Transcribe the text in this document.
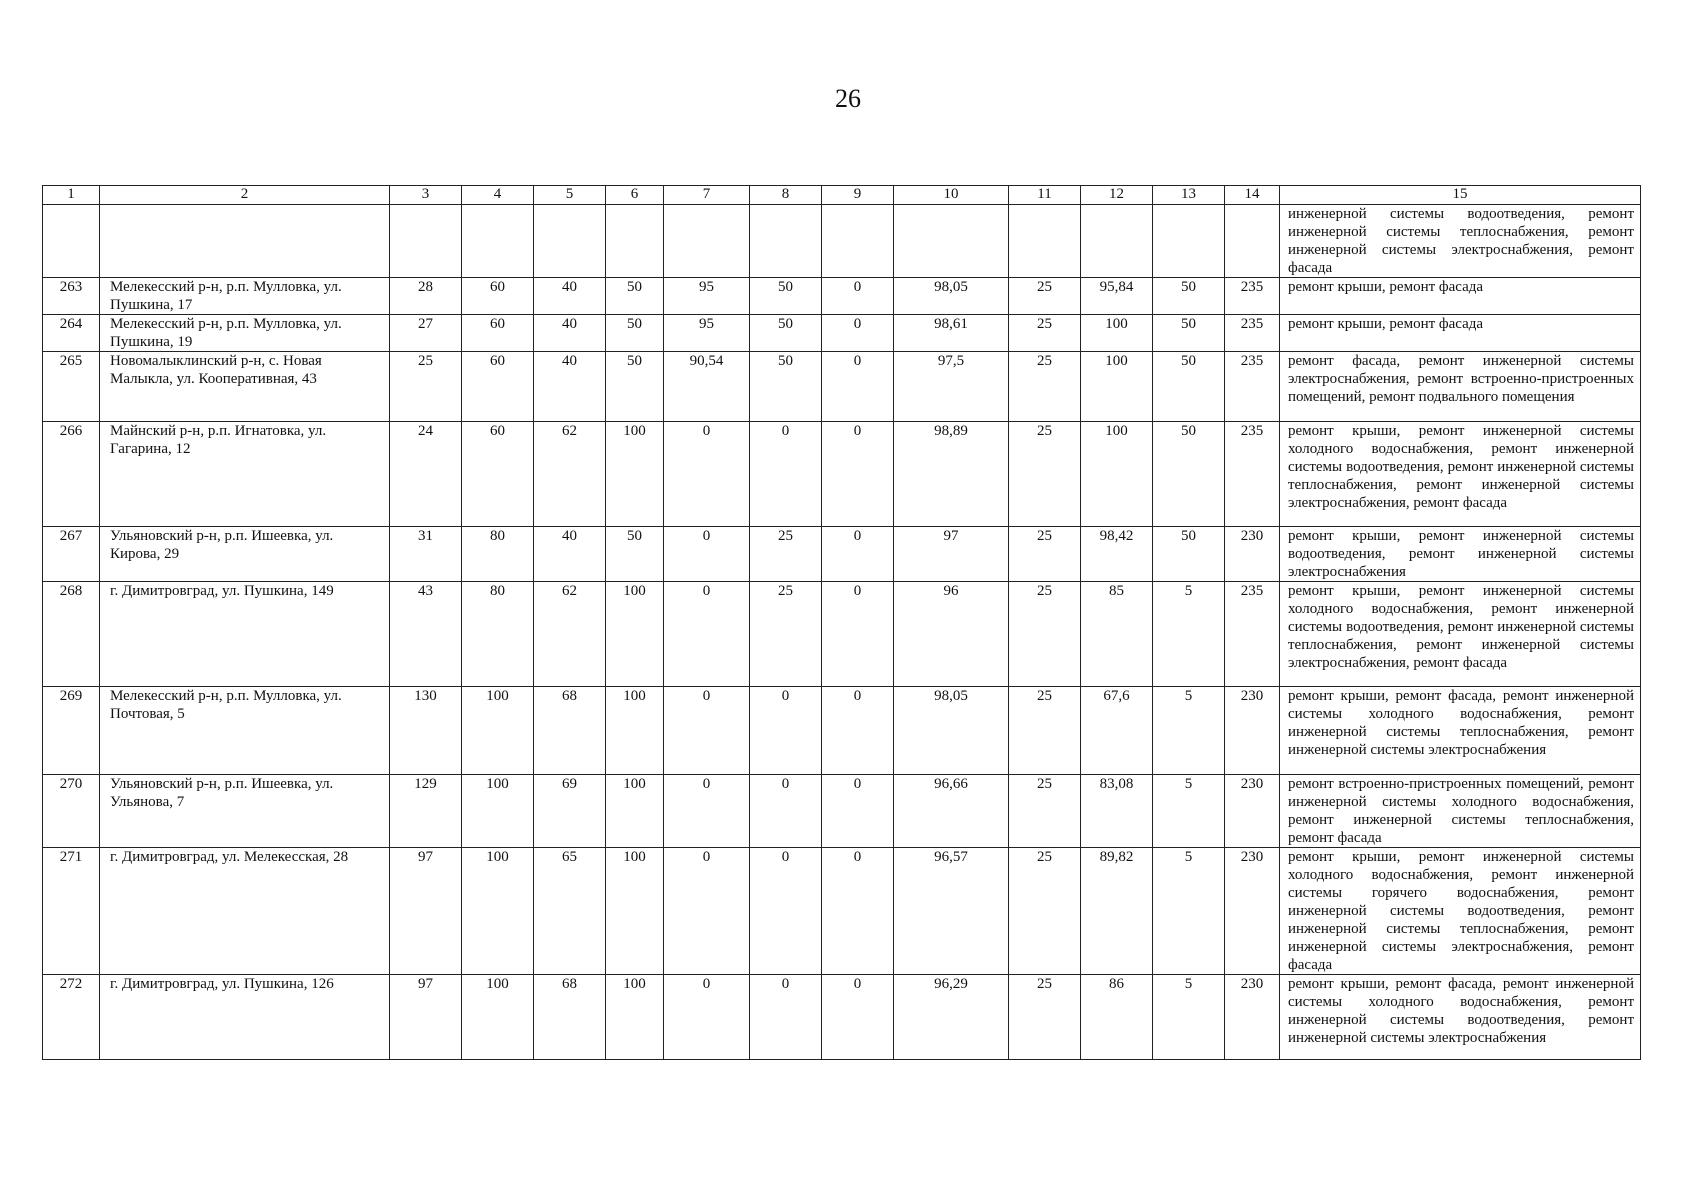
26
1	2	3	4	5	6	7	8	9	10	11	12	13	14	15
														инженерной системы водоотведения, ремонт инженерной системы теплоснабжения, ремонт инженерной системы электроснабжения, ремонт фасада
263	Мелекесский р-н, р.п. Мулловка, ул. Пушкина, 17	28	60	40	50	95	50	0	98,05	25	95,84	50	235	ремонт крыши, ремонт фасада
264	Мелекесский р-н, р.п. Мулловка, ул. Пушкина, 19	27	60	40	50	95	50	0	98,61	25	100	50	235	ремонт крыши, ремонт фасада
265	Новомалыклинский р-н, с. Новая Малыкла, ул. Кооперативная, 43	25	60	40	50	90,54	50	0	97,5	25	100	50	235	ремонт фасада, ремонт инженерной системы электроснабжения, ремонт встроенно-пристроенных помещений, ремонт подвального помещения
266	Майнский р-н, р.п. Игнатовка, ул. Гагарина, 12	24	60	62	100	0	0	0	98,89	25	100	50	235	ремонт крыши, ремонт инженерной системы холодного водоснабжения, ремонт инженерной системы водоотведения, ремонт инженерной системы теплоснабжения, ремонт инженерной системы электроснабжения, ремонт фасада
267	Ульяновский р-н, р.п. Ишеевка, ул. Кирова, 29	31	80	40	50	0	25	0	97	25	98,42	50	230	ремонт крыши, ремонт инженерной системы водоотведения, ремонт инженерной системы электроснабжения
268	г. Димитровград, ул. Пушкина, 149	43	80	62	100	0	25	0	96	25	85	5	235	ремонт крыши, ремонт инженерной системы холодного водоснабжения, ремонт инженерной системы водоотведения, ремонт инженерной системы теплоснабжения, ремонт инженерной системы электроснабжения, ремонт фасада
269	Мелекесский р-н, р.п. Мулловка, ул. Почтовая, 5	130	100	68	100	0	0	0	98,05	25	67,6	5	230	ремонт крыши, ремонт фасада, ремонт инженерной системы холодного водоснабжения, ремонт инженерной системы теплоснабжения, ремонт инженерной системы электроснабжения
270	Ульяновский р-н, р.п. Ишеевка, ул. Ульянова, 7	129	100	69	100	0	0	0	96,66	25	83,08	5	230	ремонт встроенно-пристроенных помещений, ремонт инженерной системы холодного водоснабжения, ремонт инженерной системы теплоснабжения, ремонт фасада
271	г. Димитровград, ул. Мелекесская, 28	97	100	65	100	0	0	0	96,57	25	89,82	5	230	ремонт крыши, ремонт инженерной системы холодного водоснабжения, ремонт инженерной системы горячего водоснабжения, ремонт инженерной системы водоотведения, ремонт инженерной системы теплоснабжения, ремонт инженерной системы электроснабжения, ремонт фасада
272	г. Димитровград, ул. Пушкина, 126	97	100	68	100	0	0	0	96,29	25	86	5	230	ремонт крыши, ремонт фасада, ремонт инженерной системы холодного водоснабжения, ремонт инженерной системы водоотведения, ремонт инженерной системы электроснабжения
